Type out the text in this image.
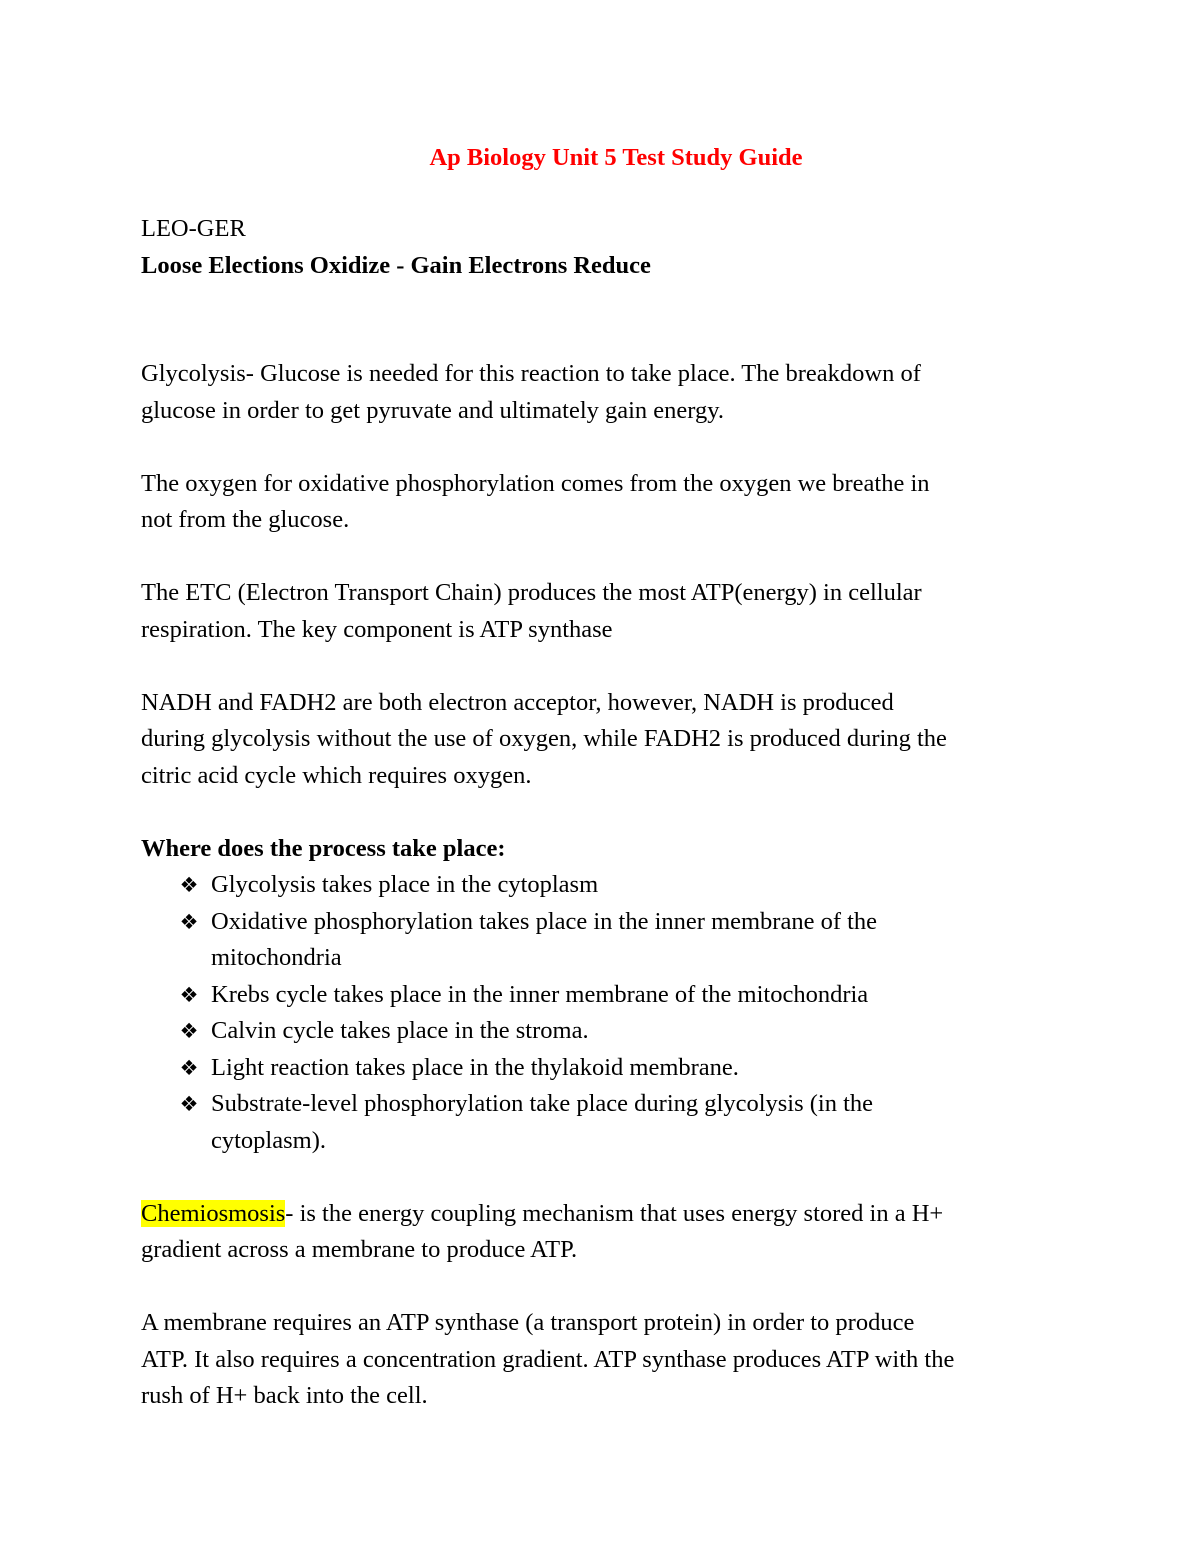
Ap Biology Unit 5 Test Study Guide

LEO-GER

Loose Elections Oxidize - Gain Electrons Reduce

Glycolysis- Glucose is needed for this reaction to take place. The breakdown of

glucose in order to get pyruvate and ultimately gain energy.

The oxygen for oxidative phosphorylation comes from the oxygen we breathe in

not from the glucose.

The ETC (Electron Transport Chain) produces the most ATP(energy) in cellular

respiration. The key component is ATP synthase

NADH and FADH2 are both electron acceptor, however, NADH is produced

during glycolysis without the use of oxygen, while FADH2 is produced during the

citric acid cycle which requires oxygen.

Where does the process take place:

❖ Glycolysis takes place in the cytoplasm
❖ Oxidative phosphorylation takes place in the inner membrane of the
mitochondria
❖ Krebs cycle takes place in the inner membrane of the mitochondria
❖ Calvin cycle takes place in the stroma.
❖ Light reaction takes place in the thylakoid membrane.
❖ Substrate-level phosphorylation take place during glycolysis (in the
cytoplasm).

Chemiosmosis- is the energy coupling mechanism that uses energy stored in a H+

gradient across a membrane to produce ATP.

A membrane requires an ATP synthase (a transport protein) in order to produce

ATP. It also requires a concentration gradient. ATP synthase produces ATP with the

rush of H+ back into the cell.
